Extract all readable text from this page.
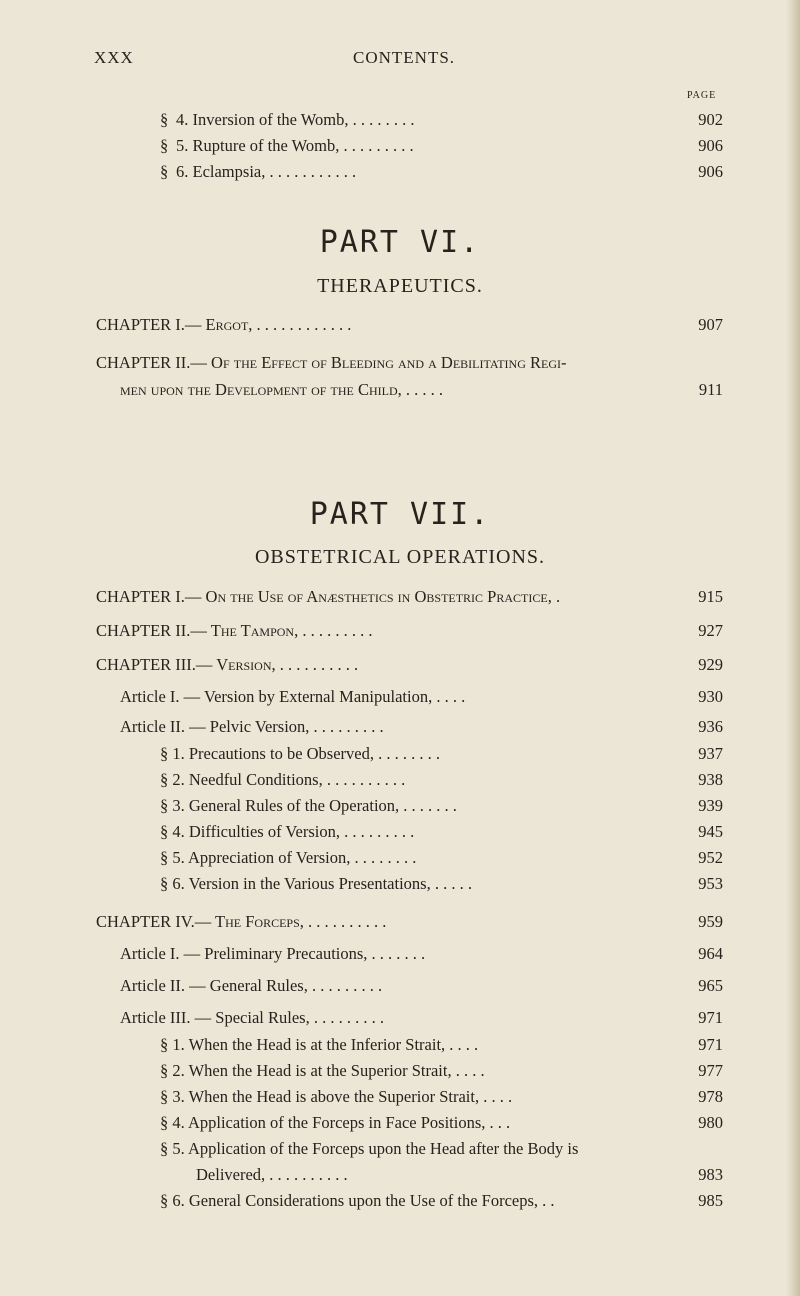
XXX	CONTENTS.
PAGE
4. Inversion of the Womb, . . . . . . . .	902
§
5. Rupture of the Womb, . . . . . . . . .	906
§
6. Eclampsia, . . . . . . . . . . .	906
§
PART VI.
THERAPEUTICS.
CHAPTER I.— Ergot, . . . . . . . . . . . .	907
CHAPTER II.— Of the Effect of Bleeding and a Debilitating Regi-
men upon the Development of the Child, . . . . .	911
PART VII.
OBSTETRICAL OPERATIONS.
CHAPTER I.— On the Use of Anæsthetics in Obstetric Practice, .	915
CHAPTER II.— The Tampon, . . . . . . . . .	927
CHAPTER III.— Version, . . . . . . . . . .	929
Article I. — Version by External Manipulation, . . . .	930
Article II. — Pelvic Version, . . . . . . . . .	936
§ 1. Precautions to be Observed, . . . . . . . .	937
§ 2. Needful Conditions, . . . . . . . . . .	938
§ 3. General Rules of the Operation, . . . . . . .	939
§ 4. Difficulties of Version, . . . . . . . . .	945
§ 5. Appreciation of Version, . . . . . . . .	952
§ 6. Version in the Various Presentations, . . . . .	953
CHAPTER IV.— The Forceps, . . . . . . . . . .	959
Article I. — Preliminary Precautions, . . . . . . .	964
Article II. — General Rules, . . . . . . . . .	965
Article III. — Special Rules, . . . . . . . . .	971
§ 1. When the Head is at the Inferior Strait, . . . .	971
§ 2. When the Head is at the Superior Strait, . . . .	977
§ 3. When the Head is above the Superior Strait, . . . .	978
§ 4. Application of the Forceps in Face Positions, . . .	980
§ 5. Application of the Forceps upon the Head after the Body is
Delivered, . . . . . . . . . .	983
§ 6. General Considerations upon the Use of the Forceps, . .	985
